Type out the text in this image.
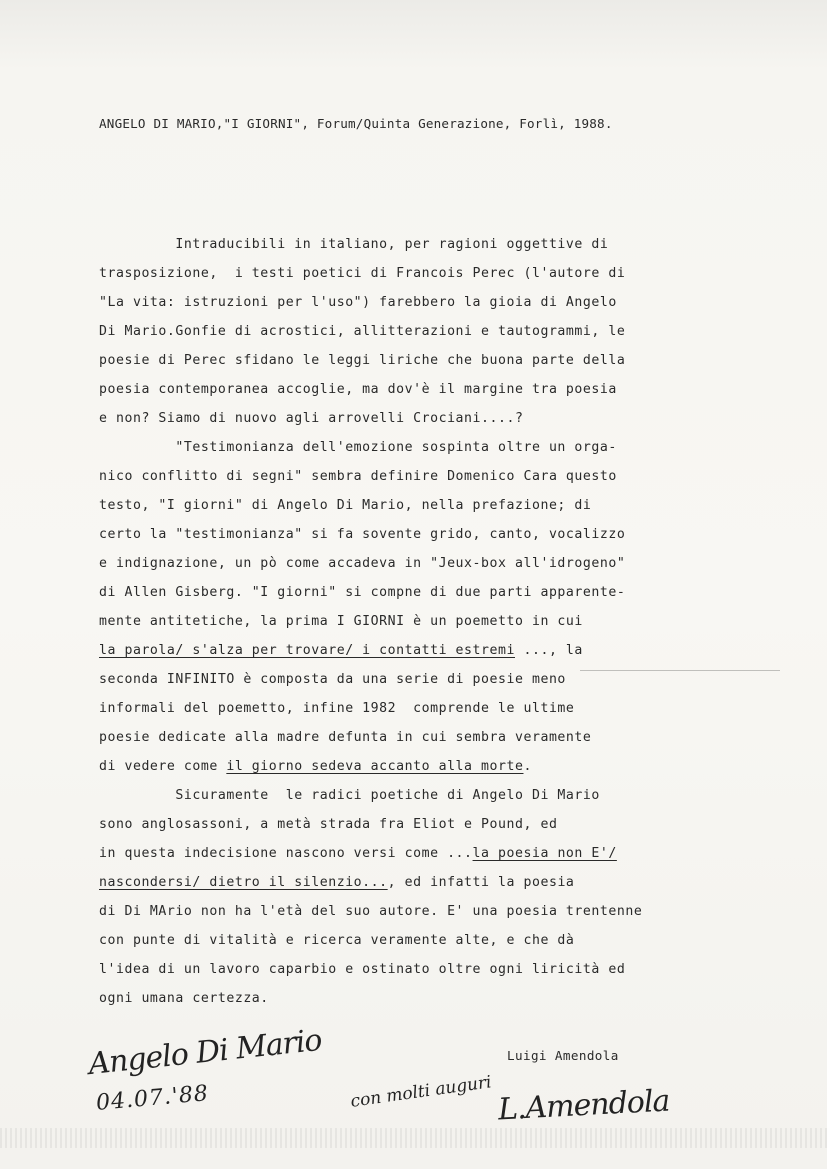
ANGELO DI MARIO,"I GIORNI", Forum/Quinta Generazione, Forlì, 1988.
Intraducibili in italiano, per ragioni oggettive di
trasposizione,  i testi poetici di Francois Perec (l'autore di
"La vita: istruzioni per l'uso") farebbero la gioia di Angelo
Di Mario.Gonfie di acrostici, allitterazioni e tautogrammi, le
poesie di Perec sfidano le leggi liriche che buona parte della
poesia contemporanea accoglie, ma dov'è il margine tra poesia
e non? Siamo di nuovo agli arrovelli Crociani....?
"Testimonianza dell'emozione sospinta oltre un orga-
nico conflitto di segni" sembra definire Domenico Cara questo
testo, "I giorni" di Angelo Di Mario, nella prefazione; di
certo la "testimonianza" si fa sovente grido, canto, vocalizzo
e indignazione, un pò come accadeva in "Jeux-box all'idrogeno"
di Allen Gisberg. "I giorni" si compne di due parti apparente-
mente antitetiche, la prima I GIORNI è un poemetto in cui
la parola/ s'alza per trovare/ i contatti estremi ..., la
seconda INFINITO è composta da una serie di poesie meno
informali del poemetto, infine 1982  comprende le ultime
poesie dedicate alla madre defunta in cui sembra veramente
di vedere come il giorno sedeva accanto alla morte.
Sicuramente  le radici poetiche di Angelo Di Mario
sono anglosassoni, a metà strada fra Eliot e Pound, ed
in questa indecisione nascono versi come ...la poesia non E'/
nascondersi/ dietro il silenzio..., ed infatti la poesia
di Di MArio non ha l'età del suo autore. E' una poesia trentenne
con punte di vitalità e ricerca veramente alte, e che dà
l'idea di un lavoro caparbio e ostinato oltre ogni liricità ed
ogni umana certezza.
Luigi Amendola
Angelo Di Mario
04.07.'88	con molti auguri L.Amendola
